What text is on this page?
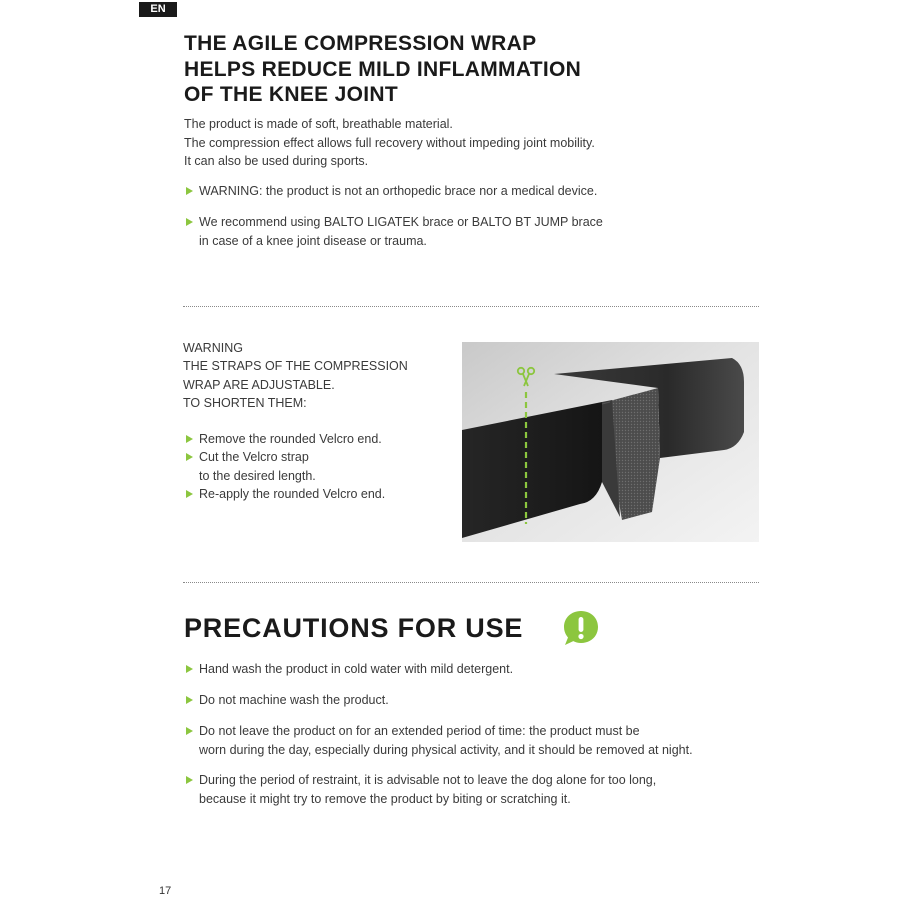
EN
THE AGILE COMPRESSION WRAP
HELPS REDUCE MILD INFLAMMATION
OF THE KNEE JOINT
The product is made of soft, breathable material.
The compression effect allows full recovery without impeding joint mobility.
It can also be used during sports.
WARNING: the product is not an orthopedic brace nor a medical device.
We recommend using BALTO LIGATEK brace or BALTO BT JUMP brace
in case of a knee joint disease or trauma.
WARNING
THE STRAPS OF THE COMPRESSION
WRAP ARE ADJUSTABLE.
TO SHORTEN THEM:
Remove the rounded Velcro end.
Cut the Velcro strap
to the desired length.
Re-apply the rounded Velcro end.
PRECAUTIONS FOR USE
Hand wash the product in cold water with mild detergent.
Do not machine wash the product.
Do not leave the product on for an extended period of time: the product must be
worn during the day, especially during physical activity, and it should be removed at night.
During the period of restraint, it is advisable not to leave the dog alone for too long,
because it might try to remove the product by biting or scratching it.
17
